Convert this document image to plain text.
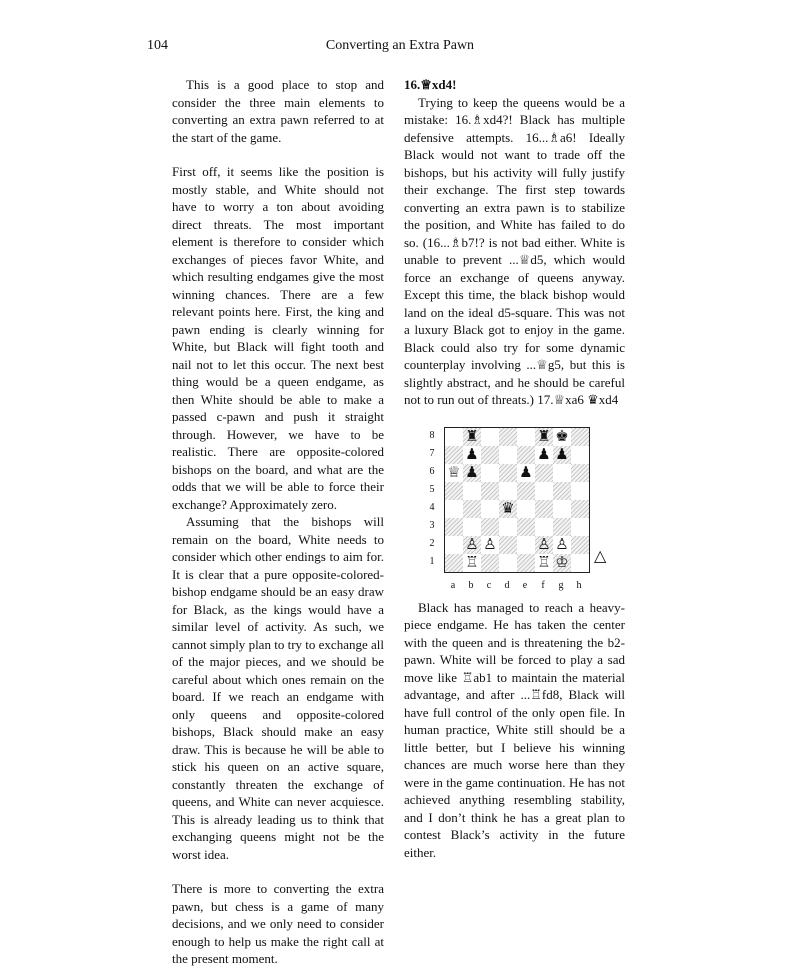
104	Converting an Extra Pawn

This is a good place to stop and consider the three main elements to converting an extra pawn referred to at the start of the game.

First off, it seems like the position is mostly stable, and White should not have to worry a ton about avoiding direct threats. The most important element is therefore to consider which exchanges of pieces favor White, and which resulting endgames give the most winning chances. There are a few relevant points here. First, the king and pawn ending is clearly winning for White, but Black will fight tooth and nail not to let this occur. The next best thing would be a queen endgame, as then White should be able to make a passed c-pawn and push it straight through. However, we have to be realistic. There are opposite-colored bishops on the board, and what are the odds that we will be able to force their exchange? Approximately zero.

Assuming that the bishops will remain on the board, White needs to consider which other endings to aim for. It is clear that a pure opposite-colored-bishop endgame should be an easy draw for Black, as the kings would have a similar level of activity. As such, we cannot simply plan to try to exchange all of the major pieces, and we should be careful about which ones remain on the board. If we reach an endgame with only queens and opposite-colored bishops, Black should make an easy draw. This is because he will be able to stick his queen on an active square, constantly threaten the exchange of queens, and White can never acquiesce. This is already leading us to think that exchanging queens might not be the worst idea.

There is more to converting the extra pawn, but chess is a game of many decisions, and we only need to consider enough to help us make the right call at the present moment.

16.♕xd4!

Trying to keep the queens would be a mistake: 16.♗xd4?! Black has multiple defensive attempts. 16...♗a6! Ideally Black would not want to trade off the bishops, but his activity will fully justify their exchange. The first step towards converting an extra pawn is to stabilize the position, and White has failed to do so. (16...♗b7!? is not bad either. White is unable to prevent ...♕d5, which would force an exchange of queens anyway. Except this time, the black bishop would land on the ideal d5-square. This was not a luxury Black got to enjoy in the game. Black could also try for some dynamic counterplay involving ...♕g5, but this is slightly abstract, and he should be careful not to run out of threats.) 17.♕xa6 ♛xd4

8
7
6
5
4
3
2
1
♜	♜ ♚
♟	♟ ♟
♕ ♟	♟
♛
♙ ♙	♙ ♙
♖	♖ ♔
a	b	c	d	e	f	g	h
△

Black has managed to reach a heavy-piece endgame. He has taken the center with the queen and is threatening the b2-pawn. White will be forced to play a sad move like ♖ab1 to maintain the material advantage, and after ...♖fd8, Black will have full control of the only open file. In human practice, White still should be a little better, but I believe his winning chances are much worse here than they were in the game continuation. He has not achieved anything resembling stability, and I don’t think he has a great plan to contest Black’s activity in the future either.
